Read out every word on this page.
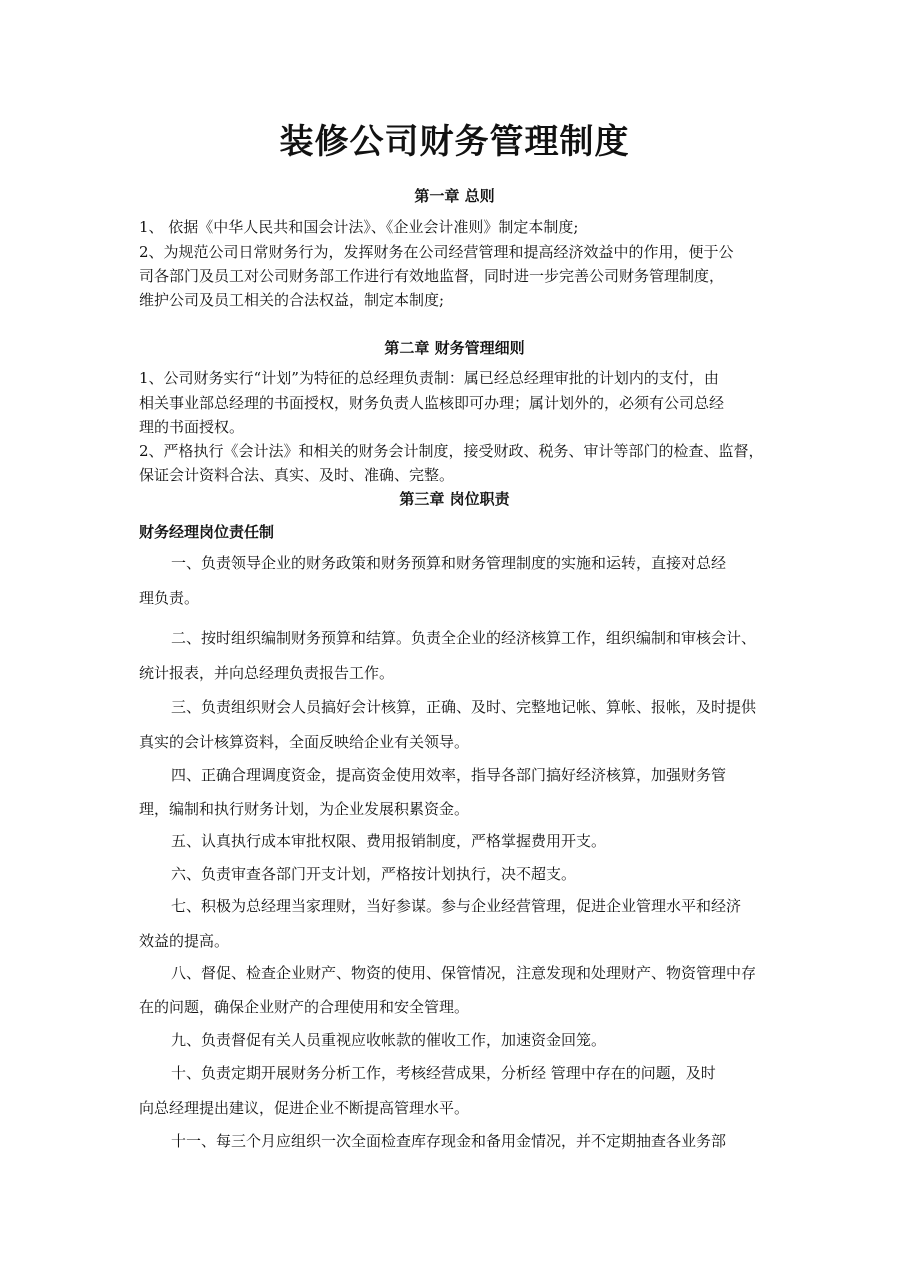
装修公司财务管理制度
第一章 总则
1、 依据《中华人民共和国会计法》、《企业会计准则》制定本制度;
2、为规范公司日常财务行为，发挥财务在公司经营管理和提高经济效益中的作用，便于公
司各部门及员工对公司财务部工作进行有效地监督，同时进一步完善公司财务管理制度，
维护公司及员工相关的合法权益，制定本制度;
第二章 财务管理细则
1、公司财务实行“计划”为特征的总经理负责制：属已经总经理审批的计划内的支付，由
相关事业部总经理的书面授权，财务负责人监核即可办理；属计划外的，必须有公司总经
理的书面授权。
2、严格执行《会计法》和相关的财务会计制度，接受财政、税务、审计等部门的检查、监督，
保证会计资料合法、真实、及时、准确、完整。
第三章 岗位职责
财务经理岗位责任制
一、负责领导企业的财务政策和财务预算和财务管理制度的实施和运转，直接对总经
理负责。
二、按时组织编制财务预算和结算。负责全企业的经济核算工作，组织编制和审核会计、
统计报表，并向总经理负责报告工作。
三、负责组织财会人员搞好会计核算，正确、及时、完整地记帐、算帐、报帐，及时提供
真实的会计核算资料，全面反映给企业有关领导。
四、正确合理调度资金，提高资金使用效率，指导各部门搞好经济核算，加强财务管
理，编制和执行财务计划，为企业发展积累资金。
五、认真执行成本审批权限、费用报销制度，严格掌握费用开支。
六、负责审查各部门开支计划，严格按计划执行，决不超支。
七、积极为总经理当家理财，当好参谋。参与企业经营管理，促进企业管理水平和经济
效益的提高。
八、督促、检查企业财产、物资的使用、保管情况，注意发现和处理财产、物资管理中存
在的问题，确保企业财产的合理使用和安全管理。
九、负责督促有关人员重视应收帐款的催收工作，加速资金回笼。
十、负责定期开展财务分析工作，考核经营成果，分析经 管理中存在的问题，及时
向总经理提出建议，促进企业不断提高管理水平。
十一、每三个月应组织一次全面检查库存现金和备用金情况，并不定期抽查各业务部
